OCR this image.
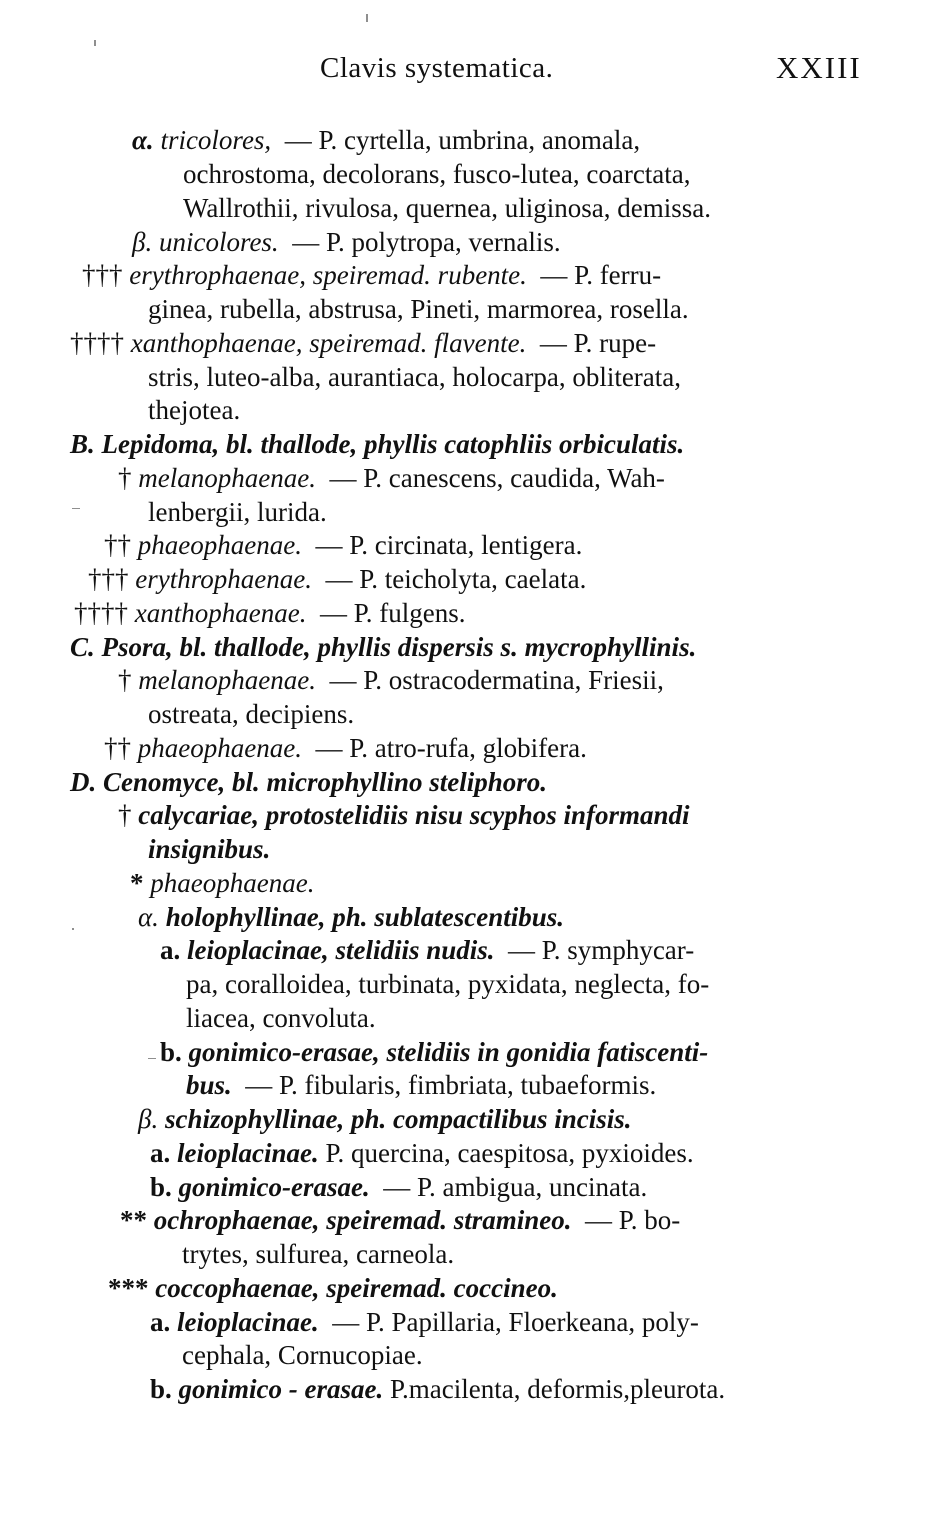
Clavis systematica.	XXIII
α. tricolores,  — P. cyrtella, umbrina, anomala,
ochrostoma, decolorans, fusco-lutea, coarctata,
Wallrothii, rivulosa, quernea, uliginosa, demissa.
β. unicolores.  — P. polytropa, vernalis.
††† erythrophaenae, speiremad. rubente.  — P. ferru-
ginea, rubella, abstrusa, Pineti, marmorea, rosella.
†††† xanthophaenae, speiremad. flavente.  — P. rupe-
stris, luteo-alba, aurantiaca, holocarpa, obliterata,
thejotea.
B. Lepidoma, bl. thallode, phyllis catophliis orbiculatis.
† melanophaenae.  — P. canescens, caudida, Wah-
lenbergii, lurida.
†† phaeophaenae.  — P. circinata, lentigera.
††† erythrophaenae.  — P. teicholyta, caelata.
†††† xanthophaenae.  — P. fulgens.
C. Psora, bl. thallode, phyllis dispersis s. mycrophyllinis.
† melanophaenae.  — P. ostracodermatina, Friesii,
ostreata, decipiens.
†† phaeophaenae.  — P. atro-rufa, globifera.
D. Cenomyce, bl. microphyllino steliphoro.
† calycariae, protostelidiis nisu scyphos informandi
insignibus.
* phaeophaenae.
α. holophyllinae, ph. sublatescentibus.
a. leioplacinae, stelidiis nudis.  — P. symphycar-
pa, coralloidea, turbinata, pyxidata, neglecta, fo-
liacea, convoluta.
b. gonimico-erasae, stelidiis in gonidia fatiscenti-
bus.  — P. fibularis, fimbriata, tubaeformis.
β. schizophyllinae, ph. compactilibus incisis.
a. leioplacinae. P. quercina, caespitosa, pyxioides.
b. gonimico-erasae.  — P. ambigua, uncinata.
** ochrophaenae, speiremad. stramineo.  — P. bo-
trytes, sulfurea, carneola.
*** coccophaenae, speiremad. coccineo.
a. leioplacinae.  — P. Papillaria, Floerkeana, poly-
cephala, Cornucopiae.
b. gonimico - erasae. P.macilenta, deformis,pleurota.
